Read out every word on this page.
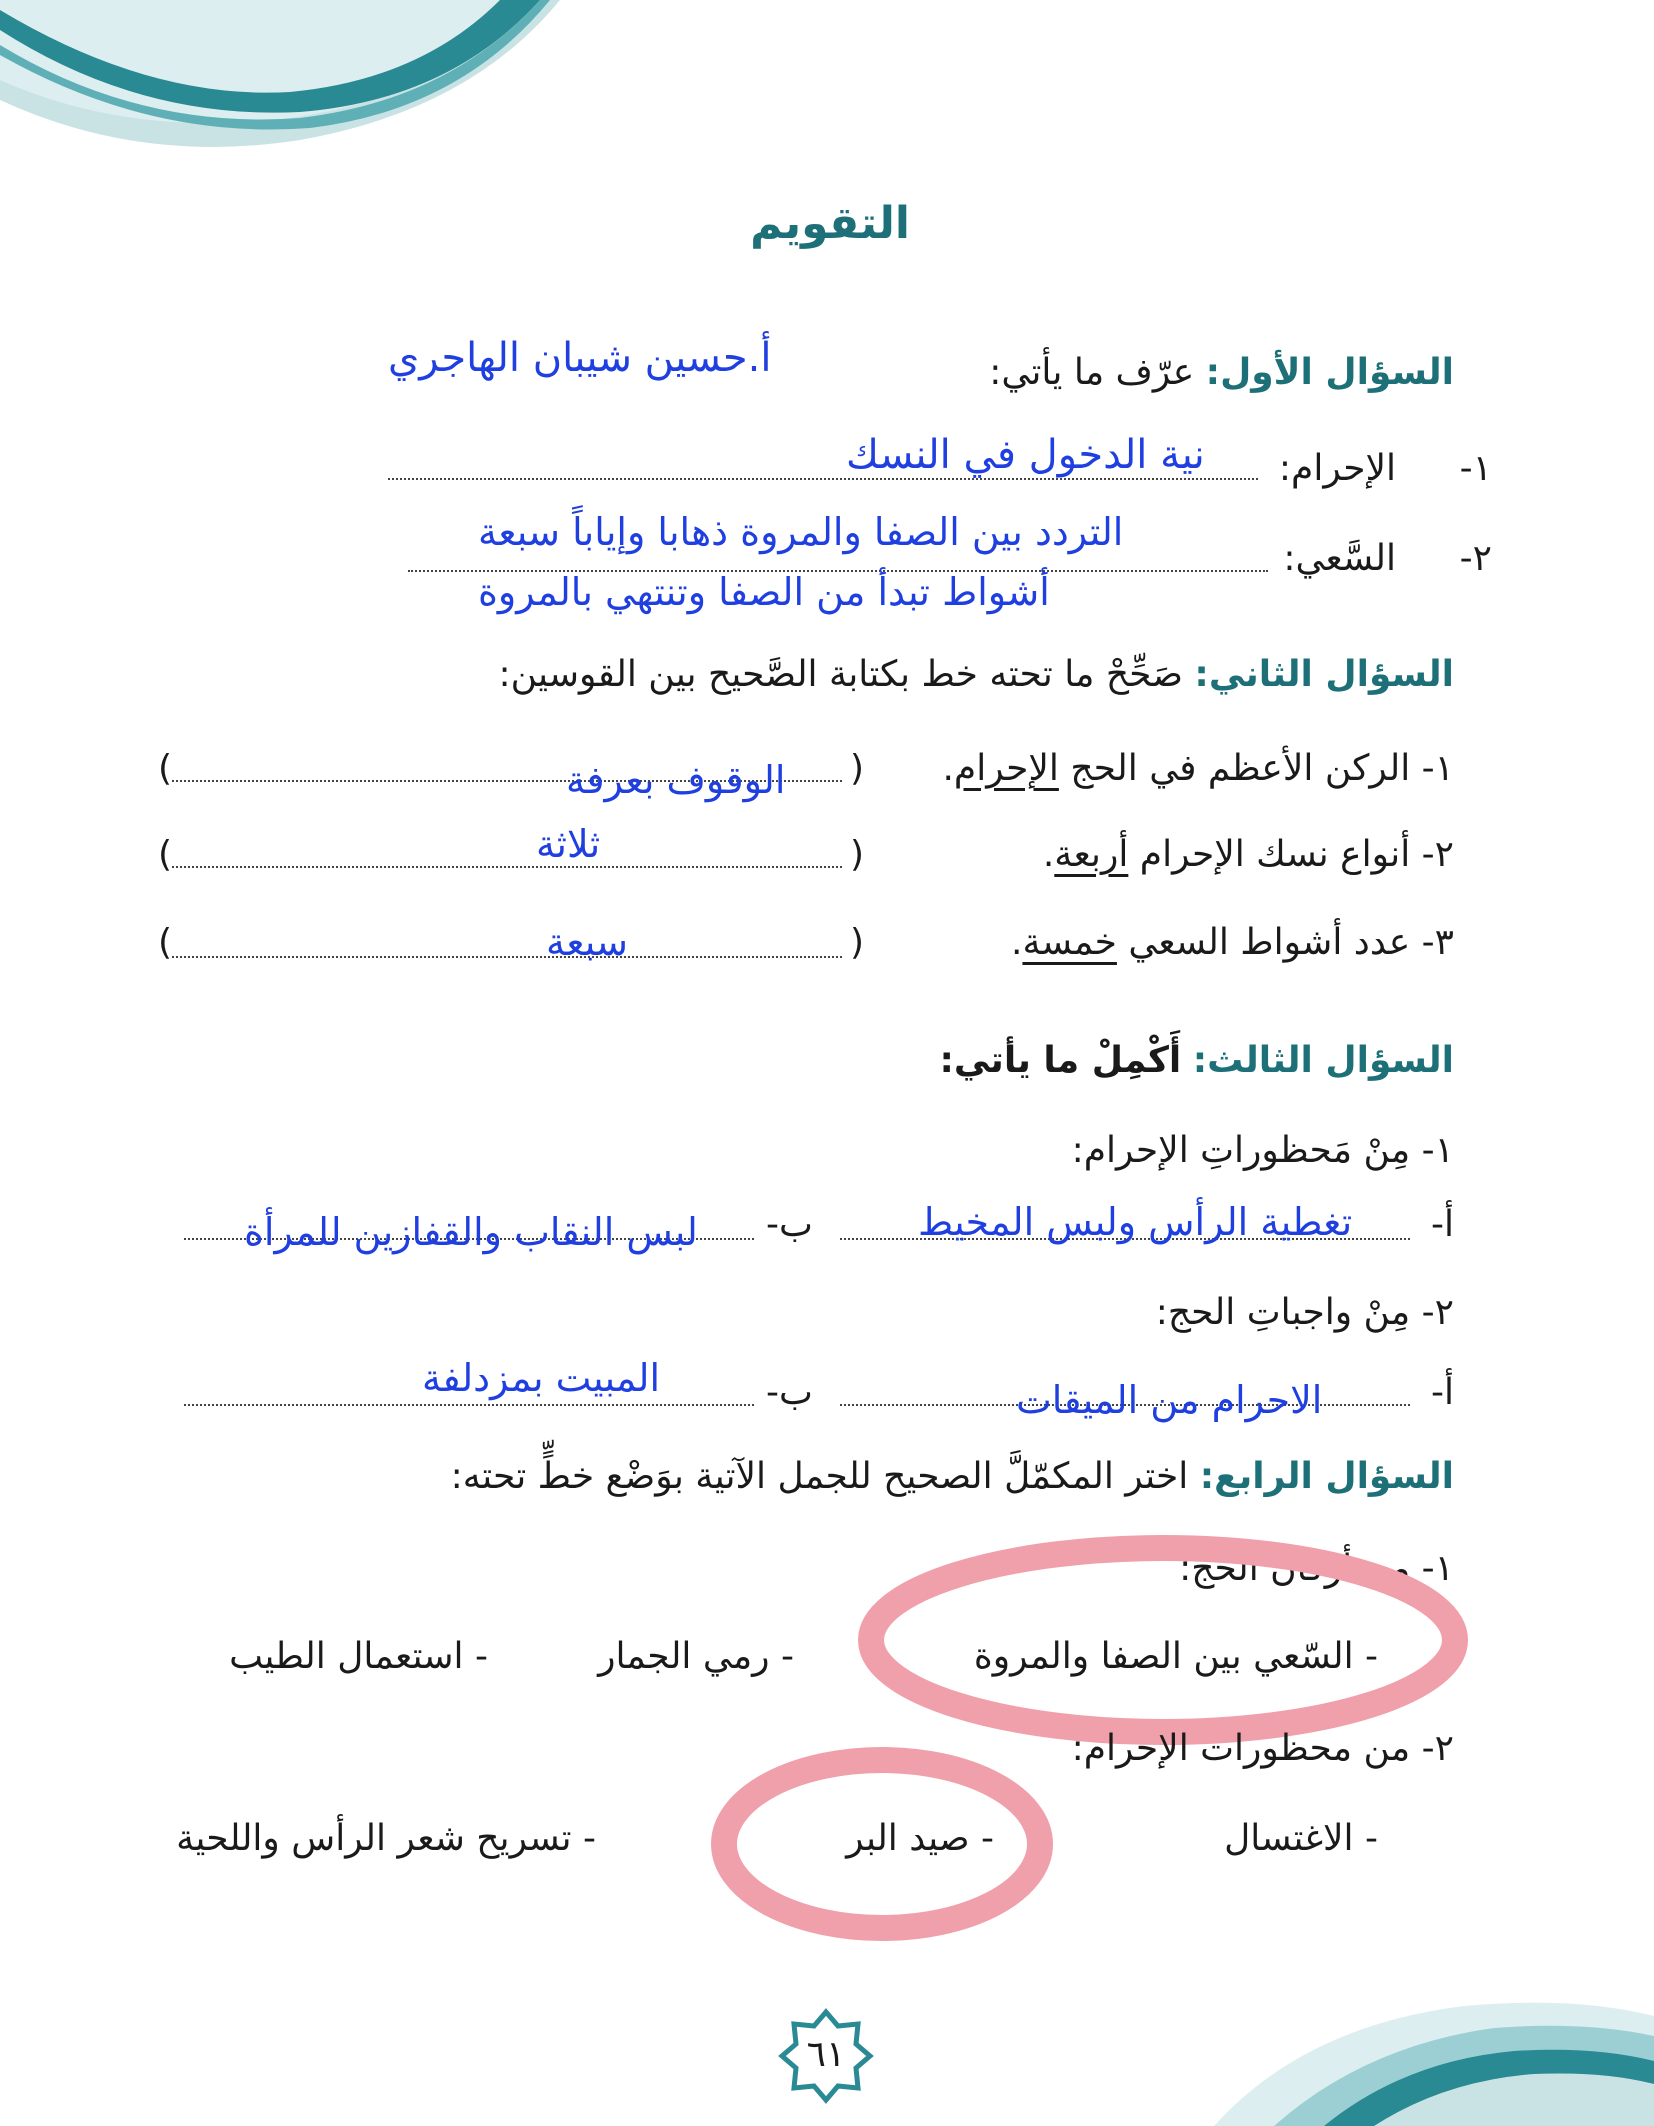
التقويم
أ.حسين شيبان الهاجري	السؤال الأول: عرّف ما يأتي:
١-
الإحرام:
نية الدخول في النسك
٢-
السَّعي:
التردد بين الصفا والمروة ذهابا وإياباً سبعة
أشواط تبدأ من الصفا وتنتهي بالمروة
السؤال الثاني: صَحِّحْ ما تحته خط بكتابة الصَّحيح بين القوسين:
١- الركن الأعظم في الحج الإحرام.
(
)	الوقوف بعرفة
٢- أنواع نسك الإحرام أربعة.
(
)	ثلاثة
٣- عدد أشواط السعي خمسة.
(
)	سبعة
السؤال الثالث: أَكْمِلْ ما يأتي:
١- مِنْ مَحظوراتِ الإحرام:
أ-
تغطية الرأس ولبس المخيط
ب-
لبس النقاب والقفازين للمرأة
٢- مِنْ واجباتِ الحج:
أ-
الاحرام من الميقات
ب-
المبيت بمزدلفة
السؤال الرابع: اختر المكمّلَّ الصحيح للجمل الآتية بوَضْع خطٍّ تحته:
١- من أركان الحج:
- السّعي بين الصفا والمروة
- رمي الجمار
- استعمال الطيب
٢- من محظورات الإحرام:
- الاغتسال
- صيد البر
- تسريح شعر الرأس واللحية
٦١
